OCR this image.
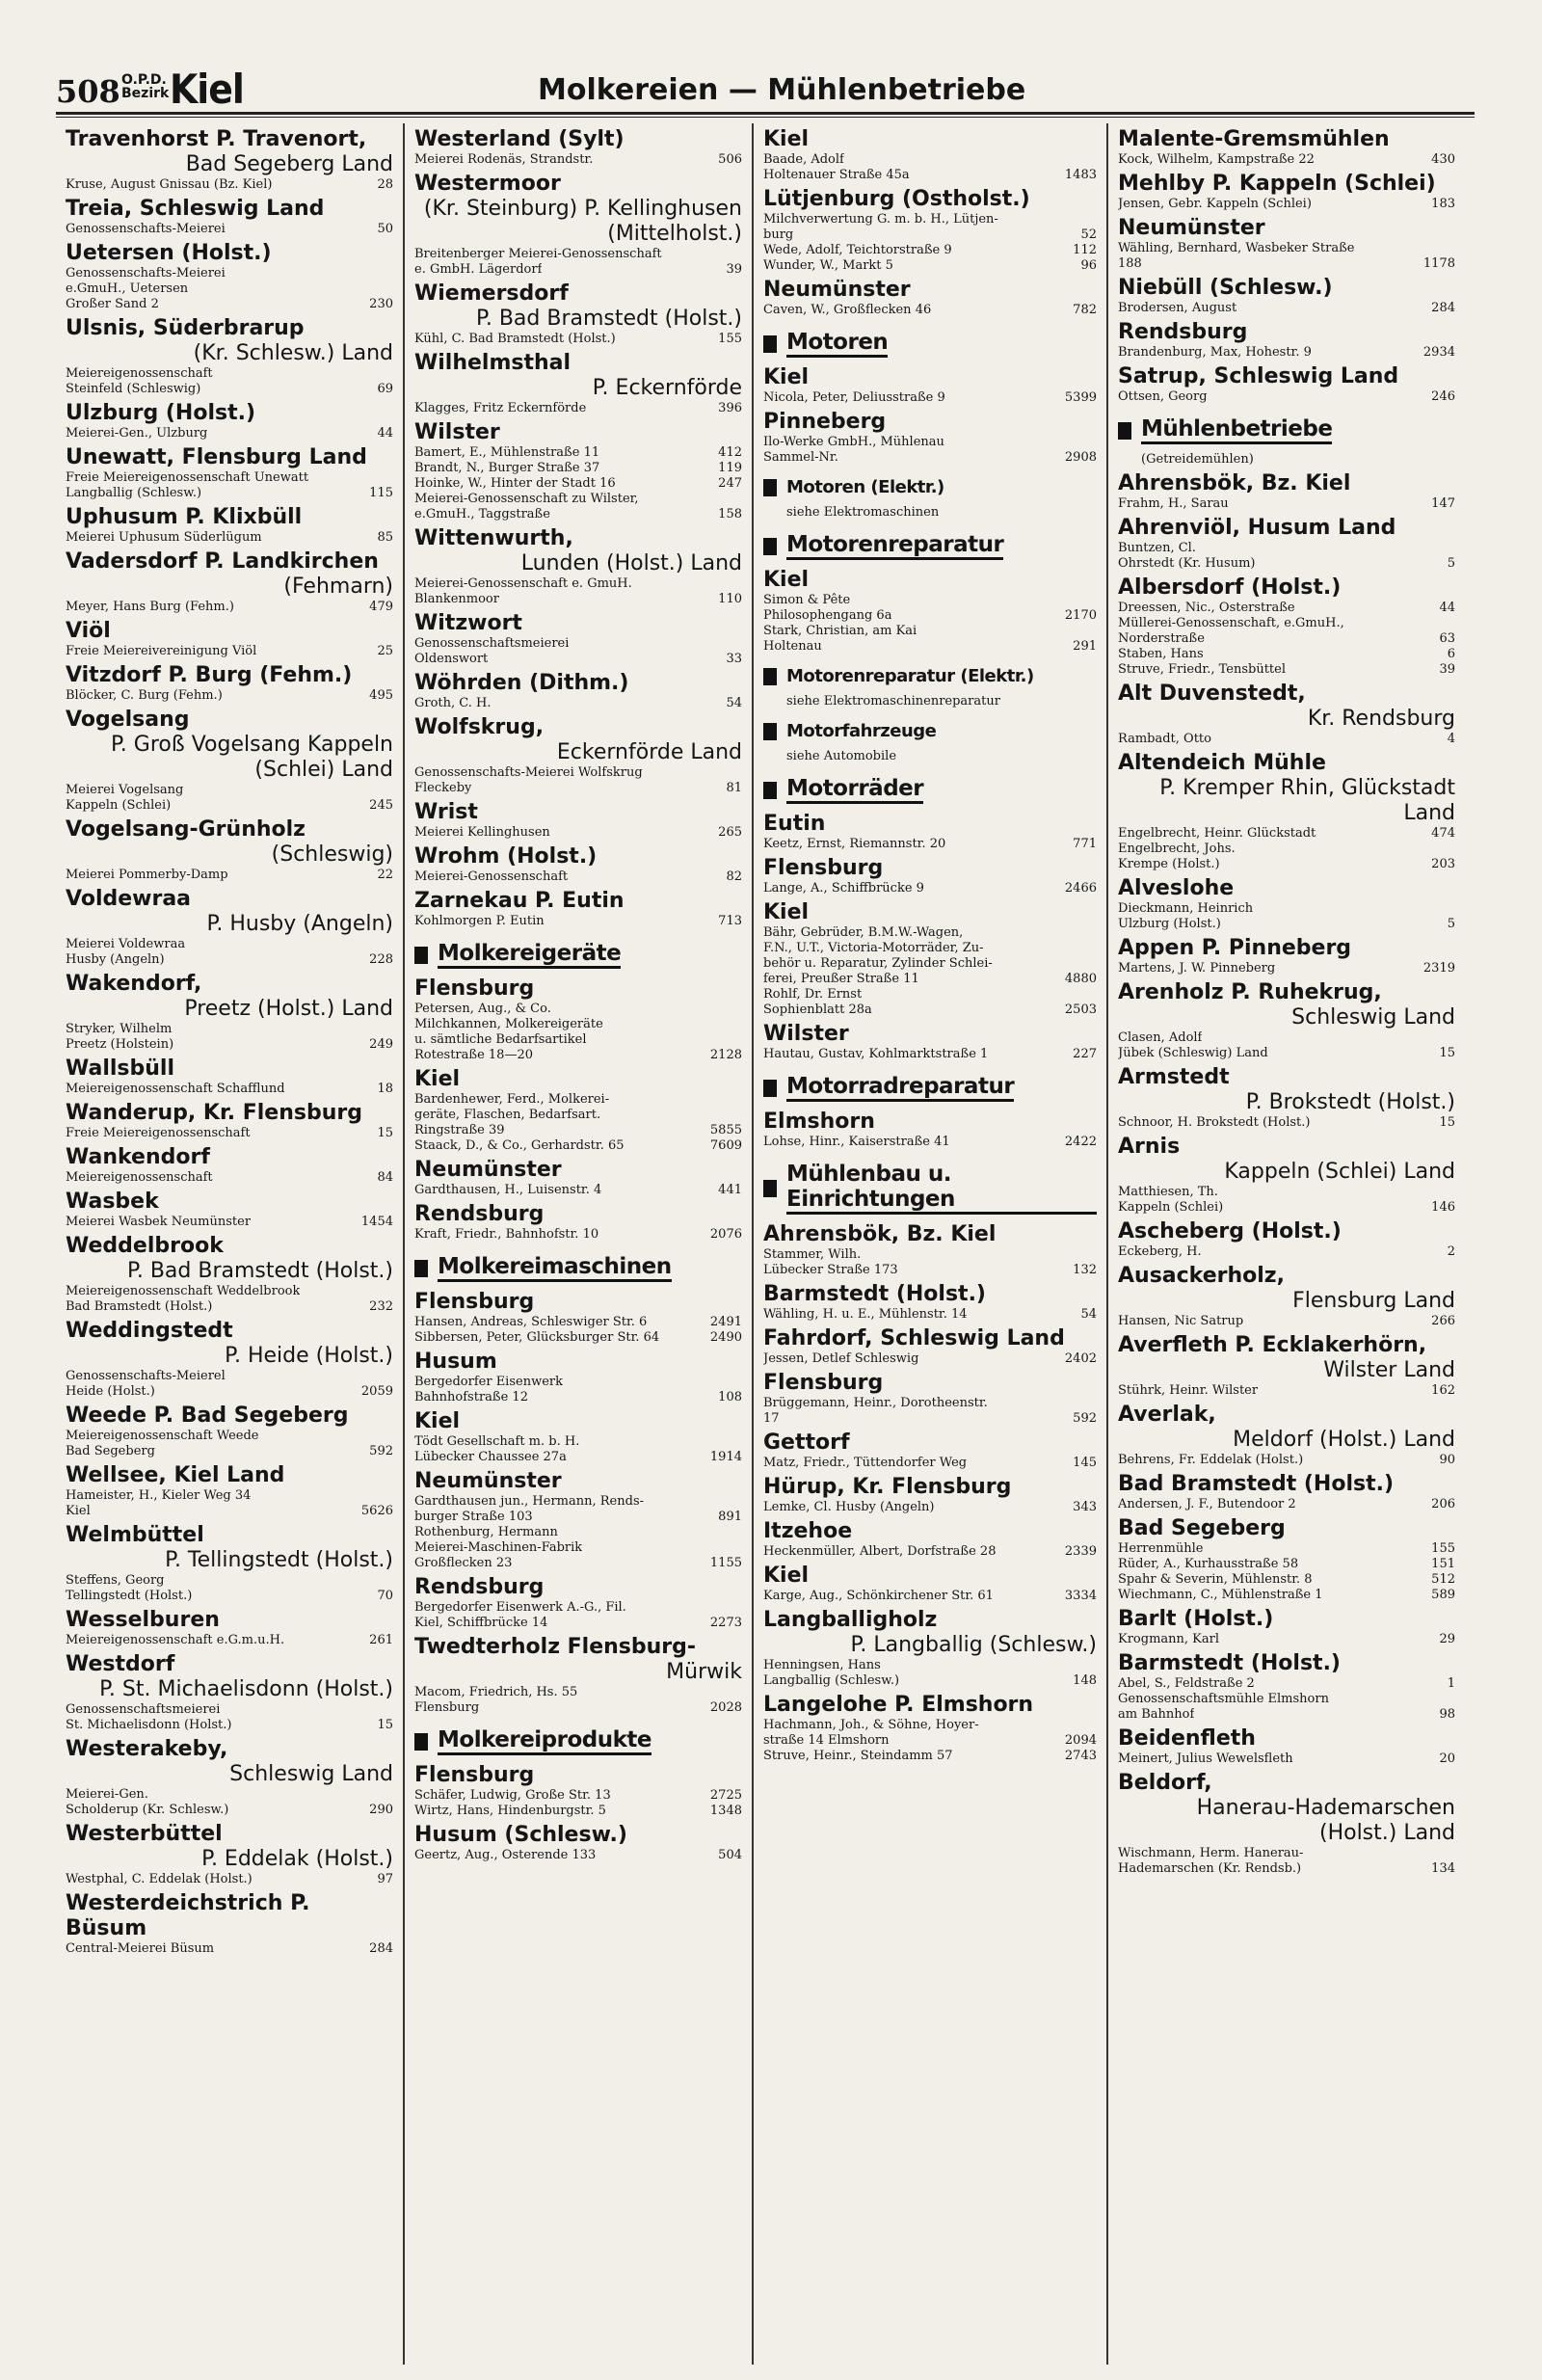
508 O.P.D.
Bezirk Kiel	Molkereien — Mühlenbetriebe
Travenhorst P. Travenort,
Bad Segeberg Land
Kruse, August Gnissau (Bz. Kiel)	28
Treia, Schleswig Land
Genossenschafts-Meierei	50
Uetersen (Holst.)
Genossenschafts-Meierei
e.GmuH., Uetersen
Großer Sand 2	230
Ulsnis, Süderbrarup
(Kr. Schlesw.) Land
Meiereigenossenschaft
Steinfeld (Schleswig)	69
Ulzburg (Holst.)
Meierei-Gen., Ulzburg	44
Unewatt, Flensburg Land
Freie Meiereigenossenschaft Unewatt
Langballig (Schlesw.)	115
Uphusum P. Klixbüll
Meierei Uphusum Süderlügum	85
Vadersdorf P. Landkirchen
(Fehmarn)
Meyer, Hans Burg (Fehm.)	479
Viöl
Freie Meiereivereinigung Viöl	25
Vitzdorf P. Burg (Fehm.)
Blöcker, C. Burg (Fehm.)	495
Vogelsang
P. Groß Vogelsang Kappeln (Schlei) Land
Meierei Vogelsang
Kappeln (Schlei)	245
Vogelsang-Grünholz
(Schleswig)
Meierei Pommerby-Damp	22
Voldewraa
P. Husby (Angeln)
Meierei Voldewraa
Husby (Angeln)	228
Wakendorf,
Preetz (Holst.) Land
Stryker, Wilhelm
Preetz (Holstein)	249
Wallsbüll
Meiereigenossenschaft Schafflund	18
Wanderup, Kr. Flensburg
Freie Meiereigenossenschaft	15
Wankendorf
Meiereigenossenschaft	84
Wasbek
Meierei Wasbek Neumünster	1454
Weddelbrook
P. Bad Bramstedt (Holst.)
Meiereigenossenschaft Weddelbrook
Bad Bramstedt (Holst.)	232
Weddingstedt
P. Heide (Holst.)
Genossenschafts-Meierel
Heide (Holst.)	2059
Weede P. Bad Segeberg
Meiereigenossenschaft Weede
Bad Segeberg	592
Wellsee, Kiel Land
Hameister, H., Kieler Weg 34
Kiel	5626
Welmbüttel
P. Tellingstedt (Holst.)
Steffens, Georg
Tellingstedt (Holst.)	70
Wesselburen
Meiereigenossenschaft e.G.m.u.H.	261
Westdorf
P. St. Michaelisdonn (Holst.)
Genossenschaftsmeierei
St. Michaelisdonn (Holst.)	15
Westerakeby,
Schleswig Land
Meierei-Gen.
Scholderup (Kr. Schlesw.)	290
Westerbüttel
P. Eddelak (Holst.)
Westphal, C. Eddelak (Holst.)	97
Westerdeichstrich P. Büsum
Central-Meierei Büsum	284
Westerland (Sylt)
Meierei Rodenäs, Strandstr.	506
Westermoor
(Kr. Steinburg) P. Kellinghusen (Mittelholst.)
Breitenberger Meierei-Genossenschaft
e. GmbH. Lägerdorf	39
Wiemersdorf
P. Bad Bramstedt (Holst.)
Kühl, C. Bad Bramstedt (Holst.)	155
Wilhelmsthal
P. Eckernförde
Klagges, Fritz Eckernförde	396
Wilster
Bamert, E., Mühlenstraße 11	412
Brandt, N., Burger Straße 37	119
Hoinke, W., Hinter der Stadt 16	247
Meierei-Genossenschaft zu Wilster,
e.GmuH., Taggstraße	158
Wittenwurth,
Lunden (Holst.) Land
Meierei-Genossenschaft e. GmuH.
Blankenmoor	110
Witzwort
Genossenschaftsmeierei
Oldenswort	33
Wöhrden (Dithm.)
Groth, C. H.	54
Wolfskrug,
Eckernförde Land
Genossenschafts-Meierei Wolfskrug
Fleckeby	81
Wrist
Meierei Kellinghusen	265
Wrohm (Holst.)
Meierei-Genossenschaft	82
Zarnekau P. Eutin
Kohlmorgen P. Eutin	713
Molkereigeräte
Flensburg
Petersen, Aug., & Co.
Milchkannen, Molkereigeräte
u. sämtliche Bedarfsartikel
Rotestraße 18—20	2128
Kiel
Bardenhewer, Ferd., Molkerei-
geräte, Flaschen, Bedarfsart.
Ringstraße 39	5855
Staack, D., & Co., Gerhardstr. 65	7609
Neumünster
Gardthausen, H., Luisenstr. 4	441
Rendsburg
Kraft, Friedr., Bahnhofstr. 10	2076
Molkereimaschinen
Flensburg
Hansen, Andreas, Schleswiger Str. 6	2491
Sibbersen, Peter, Glücksburger Str. 64	2490
Husum
Bergedorfer Eisenwerk
Bahnhofstraße 12	108
Kiel
Tödt Gesellschaft m. b. H.
Lübecker Chaussee 27a	1914
Neumünster
Gardthausen jun., Hermann, Rends-
burger Straße 103	891
Rothenburg, Hermann
Meierei-Maschinen-Fabrik
Großflecken 23	1155
Rendsburg
Bergedorfer Eisenwerk A.-G., Fil.
Kiel, Schiffbrücke 14	2273
Twedterholz Flensburg-
Mürwik
Macom, Friedrich, Hs. 55
Flensburg	2028
Molkereiprodukte
Flensburg
Schäfer, Ludwig, Große Str. 13	2725
Wirtz, Hans, Hindenburgstr. 5	1348
Husum (Schlesw.)
Geertz, Aug., Osterende 133	504
Kiel
Baade, Adolf
Holtenauer Straße 45a	1483
Lütjenburg (Ostholst.)
Milchverwertung G. m. b. H., Lütjen-
burg	52
Wede, Adolf, Teichtorstraße 9	112
Wunder, W., Markt 5	96
Neumünster
Caven, W., Großflecken 46	782
Motoren
Kiel
Nicola, Peter, Deliusstraße 9	5399
Pinneberg
Ilo-Werke GmbH., Mühlenau
Sammel-Nr.	2908
Motoren (Elektr.)
siehe Elektromaschinen
Motorenreparatur
Kiel
Simon & Pête
Philosophengang 6a	2170
Stark, Christian, am Kai
Holtenau	291
Motorenreparatur (Elektr.)
siehe Elektromaschinenreparatur
Motorfahrzeuge
siehe Automobile
Motorräder
Eutin
Keetz, Ernst, Riemannstr. 20	771
Flensburg
Lange, A., Schiffbrücke 9	2466
Kiel
Bähr, Gebrüder, B.M.W.-Wagen,
F.N., U.T., Victoria-Motorräder, Zu-
behör u. Reparatur, Zylinder Schlei-
ferei, Preußer Straße 11	4880
Rohlf, Dr. Ernst
Sophienblatt 28a	2503
Wilster
Hautau, Gustav, Kohlmarktstraße 1	227
Motorradreparatur
Elmshorn
Lohse, Hinr., Kaiserstraße 41	2422
Mühlenbau u. Einrichtungen
Ahrensbök, Bz. Kiel
Stammer, Wilh.
Lübecker Straße 173	132
Barmstedt (Holst.)
Wähling, H. u. E., Mühlenstr. 14	54
Fahrdorf, Schleswig Land
Jessen, Detlef Schleswig	2402
Flensburg
Brüggemann, Heinr., Dorotheenstr.
17	592
Gettorf
Matz, Friedr., Tüttendorfer Weg	145
Hürup, Kr. Flensburg
Lemke, Cl. Husby (Angeln)	343
Itzehoe
Heckenmüller, Albert, Dorfstraße 28	2339
Kiel
Karge, Aug., Schönkirchener Str. 61	3334
Langballigholz
P. Langballig (Schlesw.)
Henningsen, Hans
Langballig (Schlesw.)	148
Langelohe P. Elmshorn
Hachmann, Joh., & Söhne, Hoyer-
straße 14 Elmshorn	2094
Struve, Heinr., Steindamm 57	2743
Malente-Gremsmühlen
Kock, Wilhelm, Kampstraße 22	430
Mehlby P. Kappeln (Schlei)
Jensen, Gebr. Kappeln (Schlei)	183
Neumünster
Wähling, Bernhard, Wasbeker Straße
188	1178
Niebüll (Schlesw.)
Brodersen, August	284
Rendsburg
Brandenburg, Max, Hohestr. 9	2934
Satrup, Schleswig Land
Ottsen, Georg	246
Mühlenbetriebe
(Getreidemühlen)
Ahrensbök, Bz. Kiel
Frahm, H., Sarau	147
Ahrenviöl, Husum Land
Buntzen, Cl.
Ohrstedt (Kr. Husum)	5
Albersdorf (Holst.)
Dreessen, Nic., Osterstraße	44
Müllerei-Genossenschaft, e.GmuH.,
Norderstraße	63
Staben, Hans	6
Struve, Friedr., Tensbüttel	39
Alt Duvenstedt,
Kr. Rendsburg
Rambadt, Otto	4
Altendeich Mühle
P. Kremper Rhin, Glückstadt Land
Engelbrecht, Heinr. Glückstadt	474
Engelbrecht, Johs.
Krempe (Holst.)	203
Alveslohe
Dieckmann, Heinrich
Ulzburg (Holst.)	5
Appen P. Pinneberg
Martens, J. W. Pinneberg	2319
Arenholz P. Ruhekrug,
Schleswig Land
Clasen, Adolf
Jübek (Schleswig) Land	15
Armstedt
P. Brokstedt (Holst.)
Schnoor, H. Brokstedt (Holst.)	15
Arnis
Kappeln (Schlei) Land
Matthiesen, Th.
Kappeln (Schlei)	146
Ascheberg (Holst.)
Eckeberg, H.	2
Ausackerholz,
Flensburg Land
Hansen, Nic Satrup	266
Averfleth P. Ecklakerhörn,
Wilster Land
Stührk, Heinr. Wilster	162
Averlak,
Meldorf (Holst.) Land
Behrens, Fr. Eddelak (Holst.)	90
Bad Bramstedt (Holst.)
Andersen, J. F., Butendoor 2	206
Bad Segeberg
Herrenmühle	155
Rüder, A., Kurhausstraße 58	151
Spahr & Severin, Mühlenstr. 8	512
Wiechmann, C., Mühlenstraße 1	589
Barlt (Holst.)
Krogmann, Karl	29
Barmstedt (Holst.)
Abel, S., Feldstraße 2	1
Genossenschaftsmühle Elmshorn
am Bahnhof	98
Beidenfleth
Meinert, Julius Wewelsfleth	20
Beldorf,
Hanerau-Hademarschen (Holst.) Land
Wischmann, Herm. Hanerau-
Hademarschen (Kr. Rendsb.)	134
